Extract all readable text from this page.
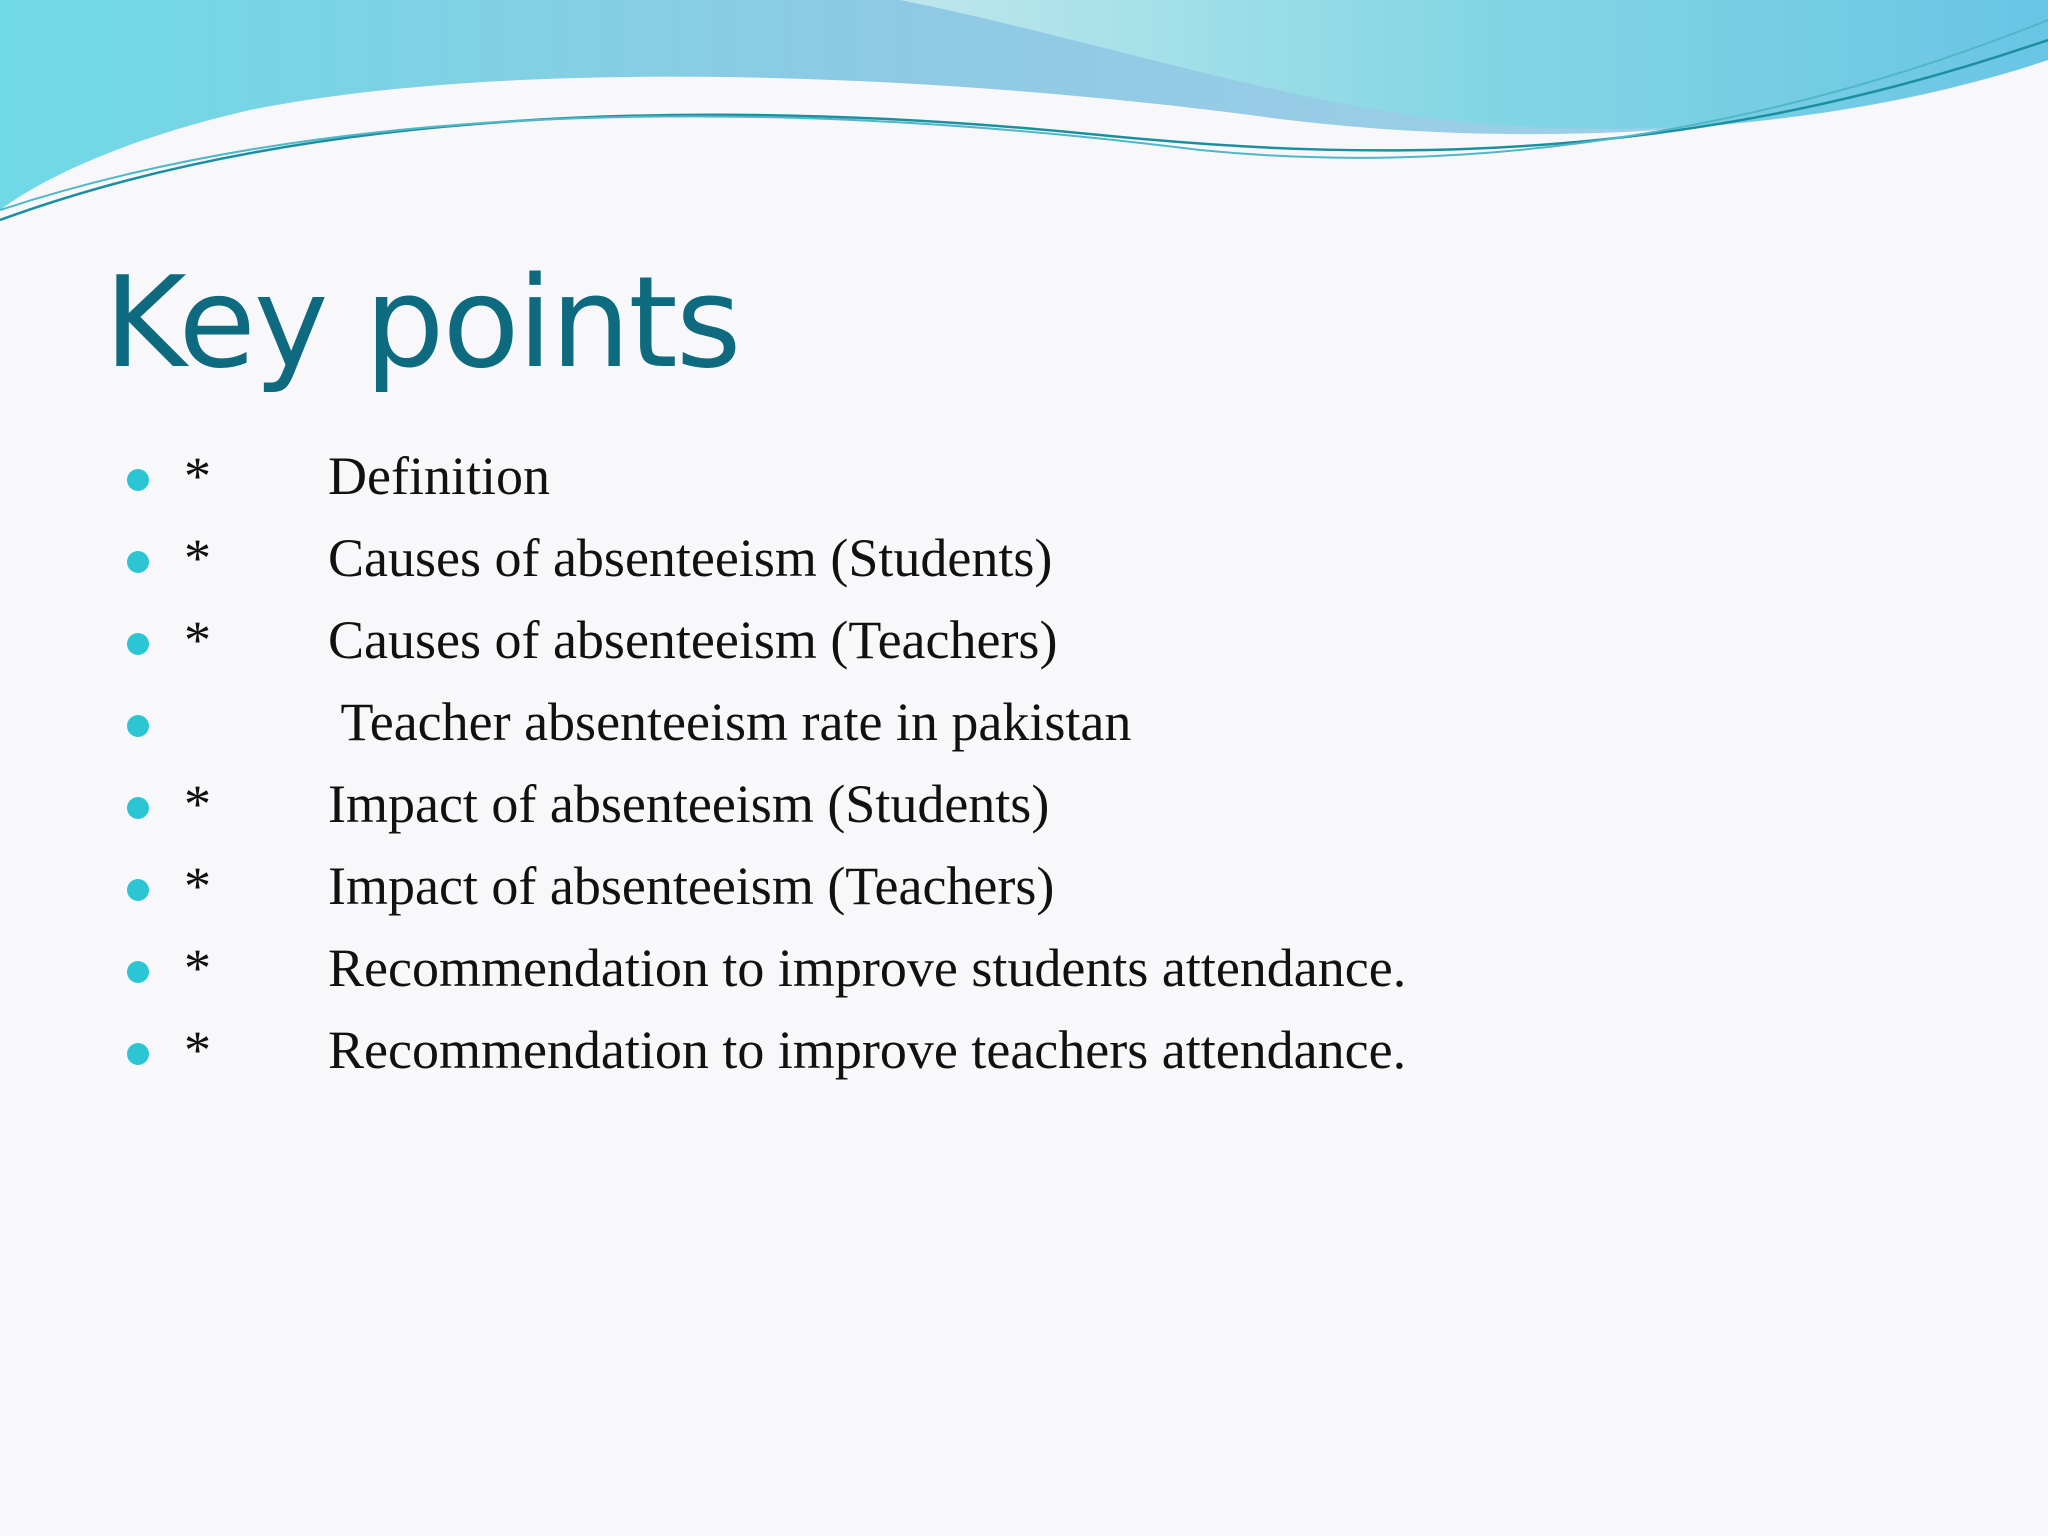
Key points
* Definition
* Causes of absenteeism (Students)
* Causes of absenteeism (Teachers)
Teacher absenteeism rate in pakistan
* Impact of absenteeism (Students)
* Impact of absenteeism (Teachers)
* Recommendation to improve students attendance.
* Recommendation to improve teachers attendance.
